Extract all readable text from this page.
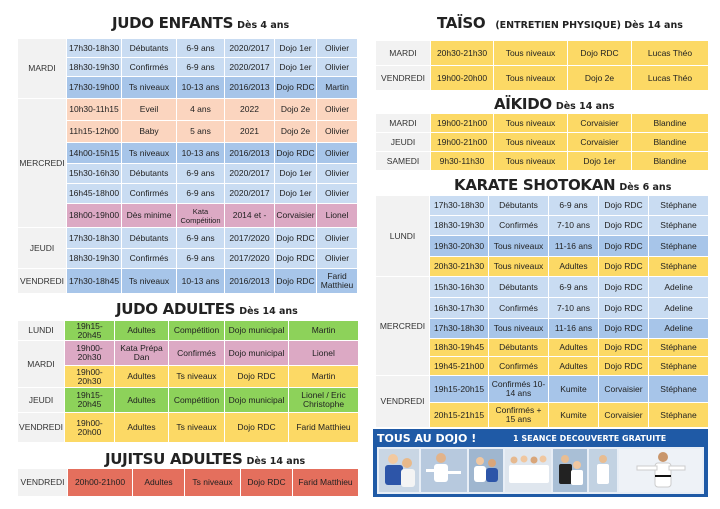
JUDO ENFANTS Dès 4 ans
MARDI	17h30-18h30	Débutants	6-9 ans	2020/2017	Dojo 1er	Olivier
	18h30-19h30	Confirmés	6-9 ans	2020/2017	Dojo 1er	Olivier
	17h30-19h00	Ts niveaux	10-13 ans	2016/2013	Dojo RDC	Martin
MERCREDI	10h30-11h15	Eveil	4 ans	2022	Dojo 2e	Olivier
	11h15-12h00	Baby	5 ans	2021	Dojo 2e	Olivier
	14h00-15h15	Ts niveaux	10-13 ans	2016/2013	Dojo RDC	Olivier
	15h30-16h30	Débutants	6-9 ans	2020/2017	Dojo 1er	Olivier
	16h45-18h00	Confirmés	6-9 ans	2020/2017	Dojo 1er	Olivier
	18h00-19h00	Dès minime	Kata Compétition	2014 et -	Corvaisier	Lionel
JEUDI	17h30-18h30	Débutants	6-9 ans	2017/2020	Dojo RDC	Olivier
	18h30-19h30	Confirmés	6-9 ans	2017/2020	Dojo RDC	Olivier
VENDREDI	17h30-18h45	Ts niveaux	10-13 ans	2016/2013	Dojo RDC	Farid Matthieu
JUDO ADULTES Dès 14 ans
LUNDI	19h15-20h45	Adultes	Compétition	Dojo municipal	Martin
MARDI	19h00-20h30	Kata Prépa Dan	Confirmés	Dojo municipal	Lionel
	19h00-20h30	Adultes	Ts niveaux	Dojo RDC	Martin
JEUDI	19h15-20h45	Adultes	Compétition	Dojo municipal	Lionel / Eric Christophe
VENDREDI	19h00-20h00	Adultes	Ts niveaux	Dojo RDC	Farid Matthieu
JUJITSU ADULTES Dès 14 ans
VENDREDI	20h00-21h00	Adultes	Ts niveaux	Dojo RDC	Farid Matthieu
TAÏSO (ENTRETIEN PHYSIQUE) Dès 14 ans
MARDI	20h30-21h30	Tous niveaux	Dojo RDC	Lucas Théo
VENDREDI	19h00-20h00	Tous niveaux	Dojo 2e	Lucas Théo
AÏKIDO Dès 14 ans
MARDI	19h00-21h00	Tous niveaux	Corvaisier	Blandine
JEUDI	19h00-21h00	Tous niveaux	Corvaisier	Blandine
SAMEDI	9h30-11h30	Tous niveaux	Dojo 1er	Blandine
KARATE SHOTOKAN Dès 6 ans
LUNDI	17h30-18h30	Débutants	6-9 ans	Dojo RDC	Stéphane
	18h30-19h30	Confirmés	7-10 ans	Dojo RDC	Stéphane
	19h30-20h30	Tous niveaux	11-16 ans	Dojo RDC	Stéphane
	20h30-21h30	Tous niveaux	Adultes	Dojo RDC	Stéphane
MERCREDI	15h30-16h30	Débutants	6-9 ans	Dojo RDC	Adeline
	16h30-17h30	Confirmés	7-10 ans	Dojo RDC	Adeline
	17h30-18h30	Tous niveaux	11-16 ans	Dojo RDC	Adeline
	18h30-19h45	Débutants	Adultes	Dojo RDC	Stéphane
	19h45-21h00	Confirmés	Adultes	Dojo RDC	Stéphane
VENDREDI	19h15-20h15	Confirmés 10-14 ans	Kumite	Corvaisier	Stéphane
	20h15-21h15	Confirmés + 15 ans	Kumite	Corvaisier	Stéphane
TOUS AU DOJO !	1 SEANCE DECOUVERTE GRATUITE
